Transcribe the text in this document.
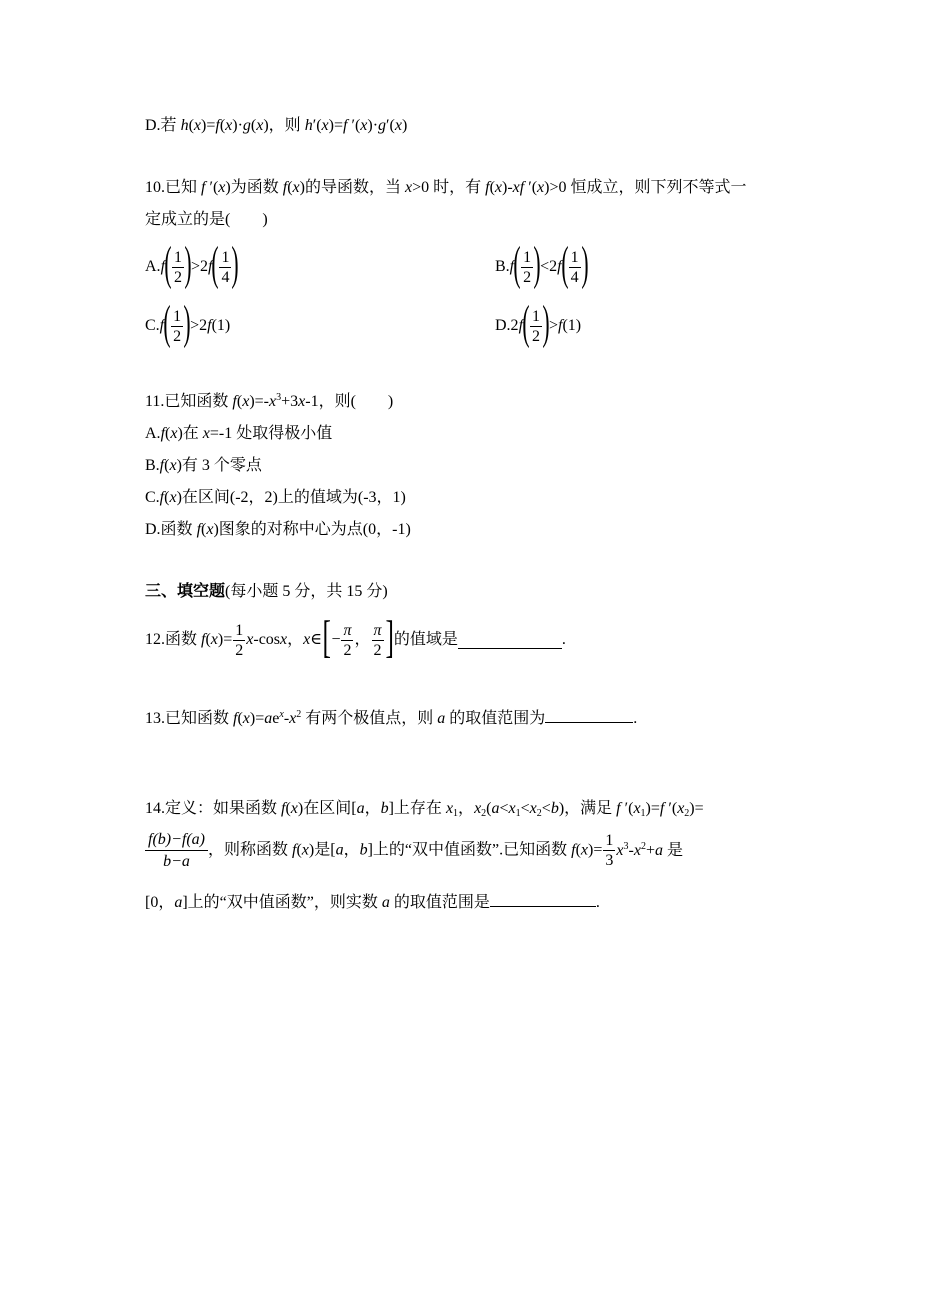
D.若 h(x)=f(x)·g(x)，则 h′(x)=f ′(x)·g′(x)
10.已知 f ′(x)为函数 f(x)的导函数，当 x>0 时，有 f(x)-xf ′(x)>0 恒成立，则下列不等式一
定成立的是(　　)
$A.f( \frac{1}{2} )>2f( \frac{1}{4}$ )	$B.f( \frac{1}{2} )<2f( \frac{1}{4}$ )
$C.f( \frac{1}{2} )>2f(1)$	$D.2f( \frac{1}{2} )>f(1)$
11.已知函数 $f(x)=-x^3+3x-1$，则(　　)
A.f(x)在 x=-1 处取得极小值
B.f(x)有 3 个零点
C.f(x)在区间(-2，2)上的值域为(-3，1)
D.函数 f(x)图象的对称中心为点(0，-1)
三、填空题(每小题 5 分，共 15 分)
12.函数 $f(x)= \frac{1}{2} x-\cos x$，x∈[− $\frac{\pi}{2}$ ， $\frac{\pi}{2}$ ]的值域是	.
13.已知函数 $f(x)=ae^x-x^2$ 有两个极值点，则 a 的取值范围为	.
14.定义：如果函数 f(x)在区间[a，b]上存在 $x_1$，$x_2(a<x_1<x_2<b)$，满足 f $'(x_1)=f$ $'(x_2)=$
$\frac{f(b)-f(a)}{b-a}$ ，则称函数 f(x)是[a，b]上的“双中值函数”.已知函数 $f(x)= \frac{1}{3} x^3-x^2+a$ 是
[0，a]上的“双中值函数”，则实数 a 的取值范围是	.
